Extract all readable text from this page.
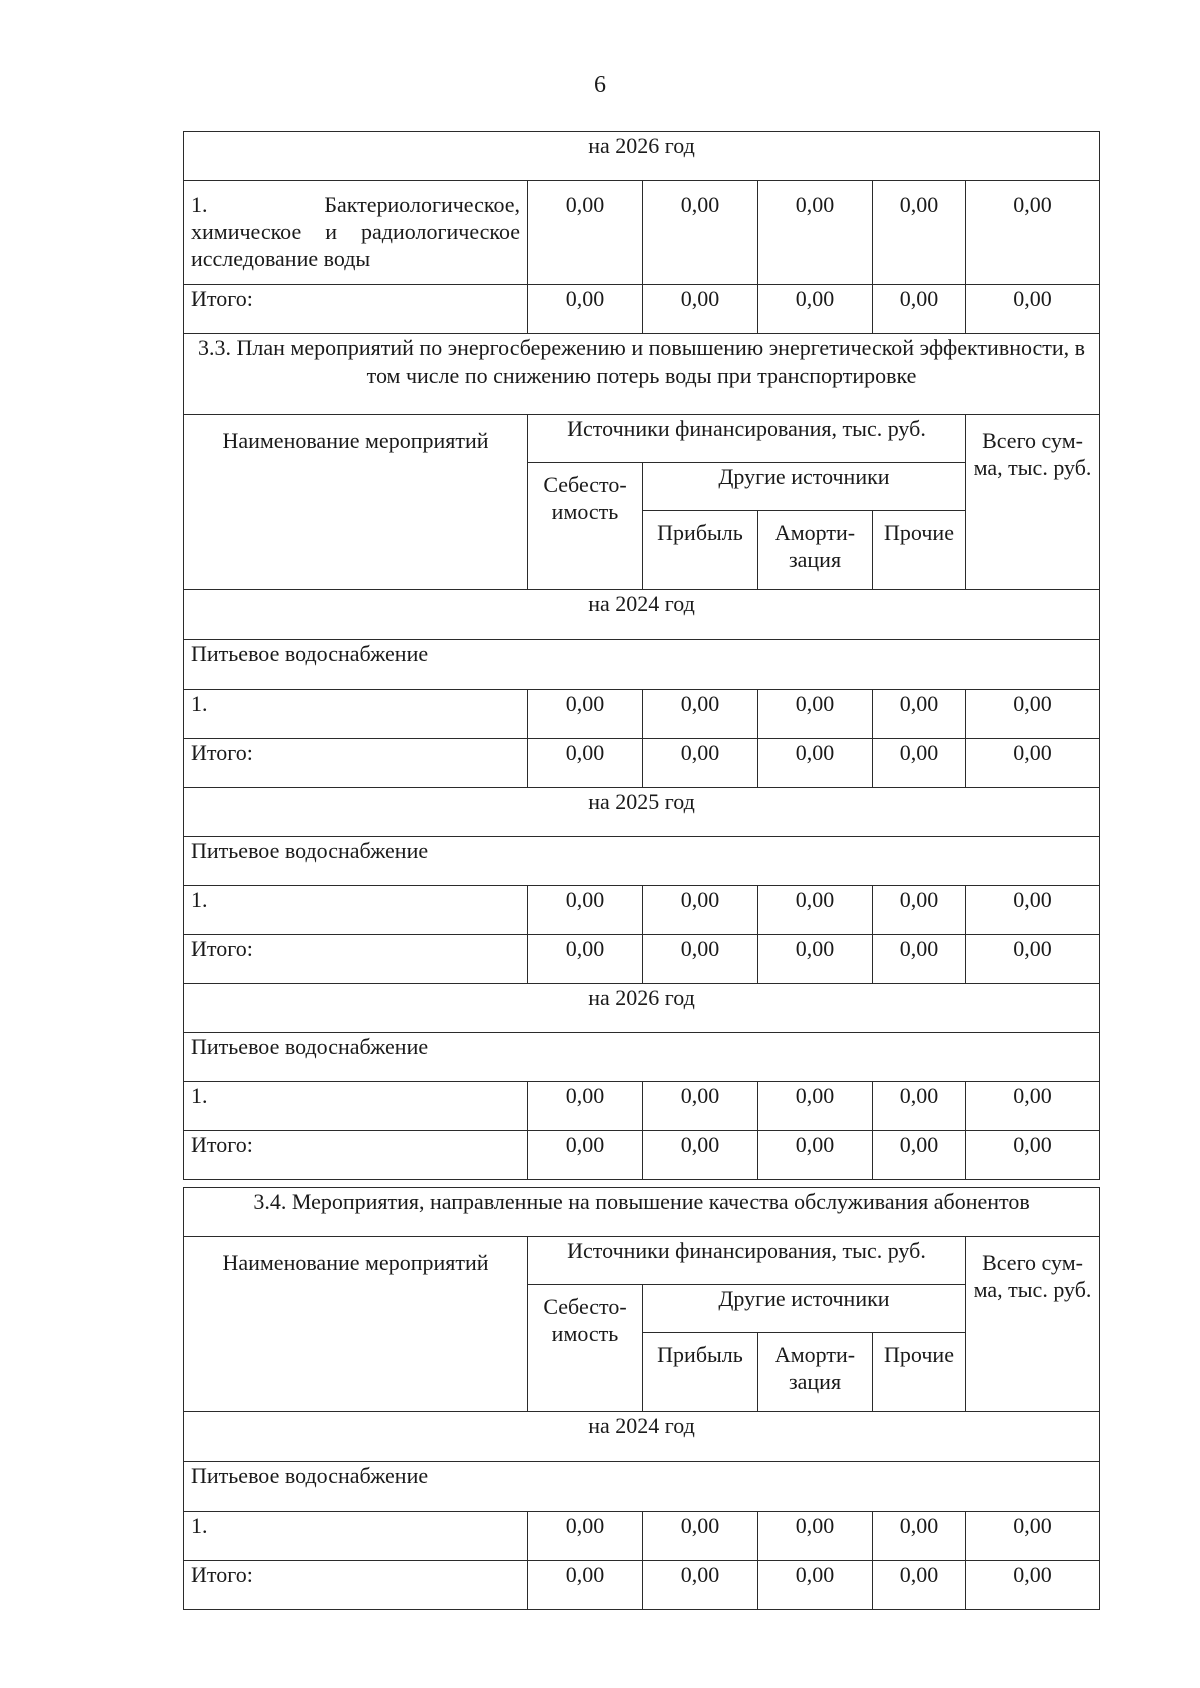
6
на 2026 год					
1. Бактериологическое, химическое и радиологическое исследование воды	0,00	0,00	0,00	0,00	0,00
Итого:	0,00	0,00	0,00	0,00	0,00
3.3. План мероприятий по энергосбережению и повышению энергетической эффективности, в том числе по снижению потерь воды при транспортировке					
Наименование мероприятий	Источники финансирования, тыс. руб.				Всего сум-ма, тыс. руб.
	Себесто-имость	Другие источники			
		Прибыль	Аморти-зация	Прочие	
на 2024 год					
Питьевое водоснабжение					
1.	0,00	0,00	0,00	0,00	0,00
Итого:	0,00	0,00	0,00	0,00	0,00
на 2025 год					
Питьевое водоснабжение					
1.	0,00	0,00	0,00	0,00	0,00
Итого:	0,00	0,00	0,00	0,00	0,00
на 2026 год					
Питьевое водоснабжение					
1.	0,00	0,00	0,00	0,00	0,00
Итого:	0,00	0,00	0,00	0,00	0,00
3.4. Мероприятия, направленные на повышение качества обслуживания абонентов					
Наименование мероприятий	Источники финансирования, тыс. руб.				Всего сум-ма, тыс. руб.
	Себесто-имость	Другие источники			
		Прибыль	Аморти-зация	Прочие	
на 2024 год					
Питьевое водоснабжение					
1.	0,00	0,00	0,00	0,00	0,00
Итого:	0,00	0,00	0,00	0,00	0,00
